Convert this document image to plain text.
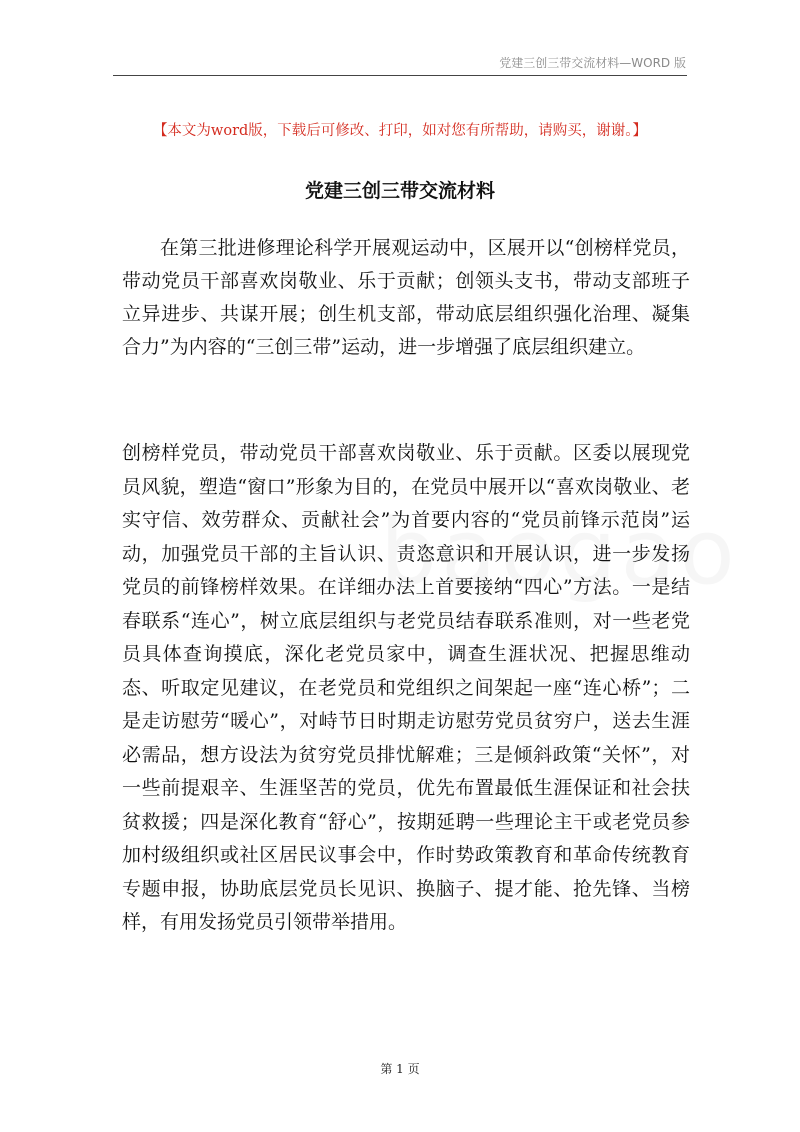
党建三创三带交流材料—WORD 版
【本文为word版，下载后可修改、打印，如对您有所帮助，请购买，谢谢。】
党建三创三带交流材料
在第三批进修理论科学开展观运动中，区展开以“创榜样党员，带动党员干部喜欢岗敬业、乐于贡献；创领头支书，带动支部班子立异进步、共谋开展；创生机支部，带动底层组织强化治理、凝集合力”为内容的“三创三带”运动，进一步增强了底层组织建立。
创榜样党员，带动党员干部喜欢岗敬业、乐于贡献。区委以展现党员风貌，塑造“窗口”形象为目的，在党员中展开以“喜欢岗敬业、老实守信、效劳群众、贡献社会”为首要内容的“党员前锋示范岗”运动，加强党员干部的主旨认识、责恣意识和开展认识，进一步发扬党员的前锋榜样效果。在详细办法上首要接纳“四心”方法。一是结春联系“连心”，树立底层组织与老党员结春联系准则，对一些老党员具体查询摸底，深化老党员家中，调查生涯状况、把握思维动态、听取定见建议，在老党员和党组织之间架起一座“连心桥”；二是走访慰劳“暖心”，对峙节日时期走访慰劳党员贫穷户，送去生涯必需品，想方设法为贫穷党员排忧解难；三是倾斜政策“关怀”，对一些前提艰辛、生涯坚苦的党员，优先布置最低生涯保证和社会扶贫救援；四是深化教育“舒心”，按期延聘一些理论主干或老党员参加村级组织或社区居民议事会中，作时势政策教育和革命传统教育专题申报，协助底层党员长见识、换脑子、提才能、抢先锋、当榜样，有用发扬党员引领带举措用。
第 1 页
